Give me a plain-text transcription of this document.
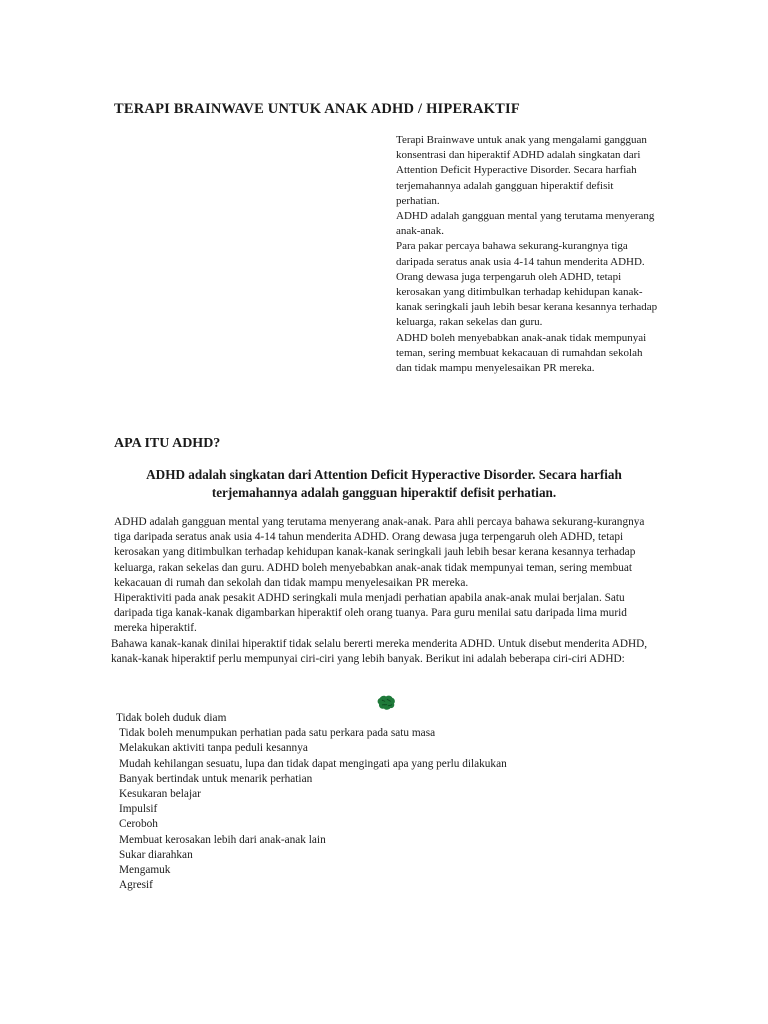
TERAPI BRAINWAVE UNTUK ANAK ADHD / HIPERAKTIF

Terapi Brainwave untuk anak yang mengalami gangguan konsentrasi dan hiperaktif ADHD adalah singkatan dari Attention Deficit Hyperactive Disorder. Secara harfiah terjemahannya adalah gangguan hiperaktif defisit perhatian.

ADHD adalah gangguan mental yang terutama menyerang anak-anak.

Para pakar percaya bahawa sekurang-kurangnya tiga daripada seratus anak usia 4-14 tahun menderita ADHD. Orang dewasa juga terpengaruh oleh ADHD, tetapi kerosakan yang ditimbulkan terhadap kehidupan kanak-kanak seringkali jauh lebih besar kerana kesannya terhadap keluarga, rakan sekelas dan guru.

ADHD boleh menyebabkan anak-anak tidak mempunyai teman, sering membuat kekacauan di rumahdan sekolah dan tidak mampu menyelesaikan PR mereka.

APA ITU ADHD?

ADHD adalah singkatan dari Attention Deficit Hyperactive Disorder. Secara harfiah terjemahannya adalah gangguan hiperaktif defisit perhatian.

ADHD adalah gangguan mental yang terutama menyerang anak-anak. Para ahli percaya bahawa sekurang-kurangnya tiga daripada seratus anak usia 4-14 tahun menderita ADHD. Orang dewasa juga terpengaruh oleh ADHD, tetapi kerosakan yang ditimbulkan terhadap kehidupan kanak-kanak seringkali jauh lebih besar kerana kesannya terhadap keluarga, rakan sekelas dan guru. ADHD boleh menyebabkan anak-anak tidak mempunyai teman, sering membuat kekacauan di rumah dan sekolah dan tidak mampu menyelesaikan PR mereka.

Hiperaktiviti pada anak pesakit ADHD seringkali mula menjadi perhatian apabila anak-anak mulai berjalan. Satu daripada tiga kanak-kanak digambarkan hiperaktif oleh orang tuanya. Para guru menilai satu daripada lima murid mereka hiperaktif.

Bahawa kanak-kanak dinilai hiperaktif tidak selalu bererti mereka menderita ADHD. Untuk disebut menderita ADHD, kanak-kanak hiperaktif perlu mempunyai ciri-ciri yang lebih banyak. Berikut ini adalah beberapa ciri-ciri ADHD:

Tidak boleh duduk diam
Tidak boleh menumpukan perhatian pada satu perkara pada satu masa
Melakukan aktiviti tanpa peduli kesannya
Mudah kehilangan sesuatu, lupa dan tidak dapat mengingati apa yang perlu dilakukan
Banyak bertindak untuk menarik perhatian
Kesukaran belajar
Impulsif
Ceroboh
Membuat kerosakan lebih dari anak-anak lain
Sukar diarahkan
Mengamuk
Agresif
